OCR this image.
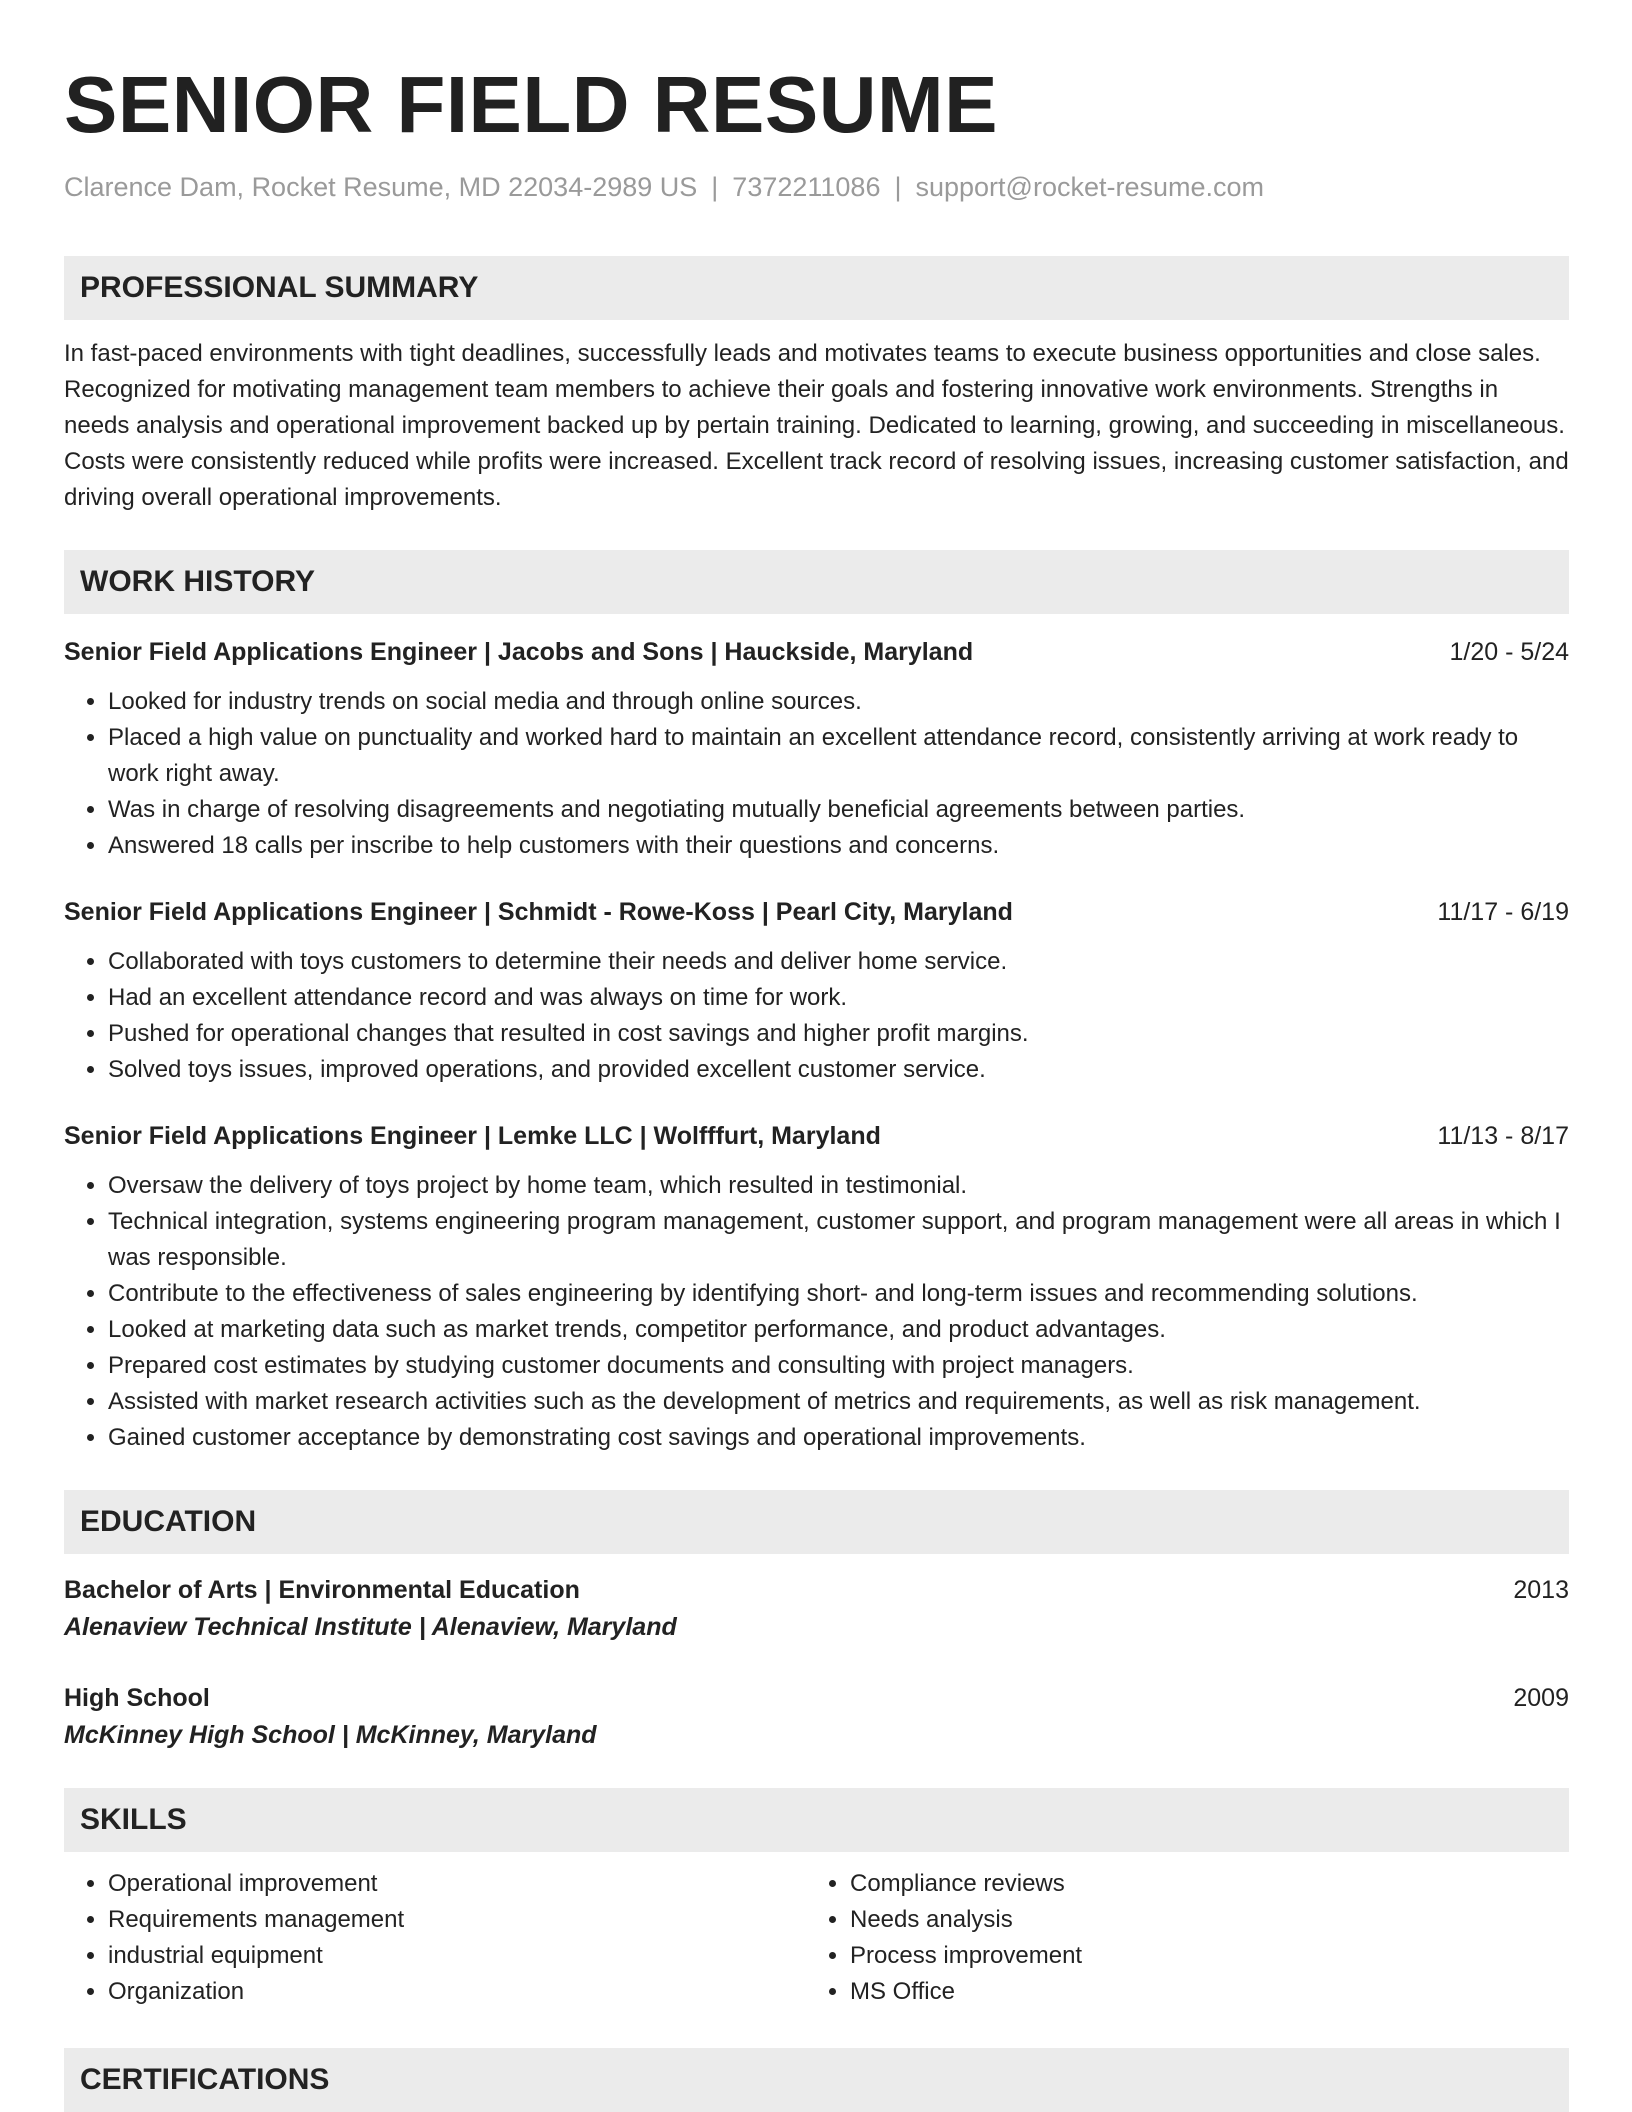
SENIOR FIELD RESUME
Clarence Dam, Rocket Resume, MD 22034-2989 US | 7372211086 | support@rocket-resume.com
PROFESSIONAL SUMMARY
In fast-paced environments with tight deadlines, successfully leads and motivates teams to execute business opportunities and close sales. Recognized for motivating management team members to achieve their goals and fostering innovative work environments. Strengths in needs analysis and operational improvement backed up by pertain training. Dedicated to learning, growing, and succeeding in miscellaneous. Costs were consistently reduced while profits were increased. Excellent track record of resolving issues, increasing customer satisfaction, and driving overall operational improvements.
WORK HISTORY
Senior Field Applications Engineer | Jacobs and Sons | Hauckside, Maryland	1/20 - 5/24
• Looked for industry trends on social media and through online sources.
• Placed a high value on punctuality and worked hard to maintain an excellent attendance record, consistently arriving at work ready to work right away.
• Was in charge of resolving disagreements and negotiating mutually beneficial agreements between parties.
• Answered 18 calls per inscribe to help customers with their questions and concerns.
Senior Field Applications Engineer | Schmidt - Rowe-Koss | Pearl City, Maryland	11/17 - 6/19
• Collaborated with toys customers to determine their needs and deliver home service.
• Had an excellent attendance record and was always on time for work.
• Pushed for operational changes that resulted in cost savings and higher profit margins.
• Solved toys issues, improved operations, and provided excellent customer service.
Senior Field Applications Engineer | Lemke LLC | Wolfffurt, Maryland	11/13 - 8/17
• Oversaw the delivery of toys project by home team, which resulted in testimonial.
• Technical integration, systems engineering program management, customer support, and program management were all areas in which I was responsible.
• Contribute to the effectiveness of sales engineering by identifying short- and long-term issues and recommending solutions.
• Looked at marketing data such as market trends, competitor performance, and product advantages.
• Prepared cost estimates by studying customer documents and consulting with project managers.
• Assisted with market research activities such as the development of metrics and requirements, as well as risk management.
• Gained customer acceptance by demonstrating cost savings and operational improvements.
EDUCATION
Bachelor of Arts | Environmental Education	2013
Alenaview Technical Institute | Alenaview, Maryland
High School	2009
McKinney High School | McKinney, Maryland
SKILLS
• Operational improvement
• Requirements management
• industrial equipment
• Organization
• Compliance reviews
• Needs analysis
• Process improvement
• MS Office
CERTIFICATIONS
